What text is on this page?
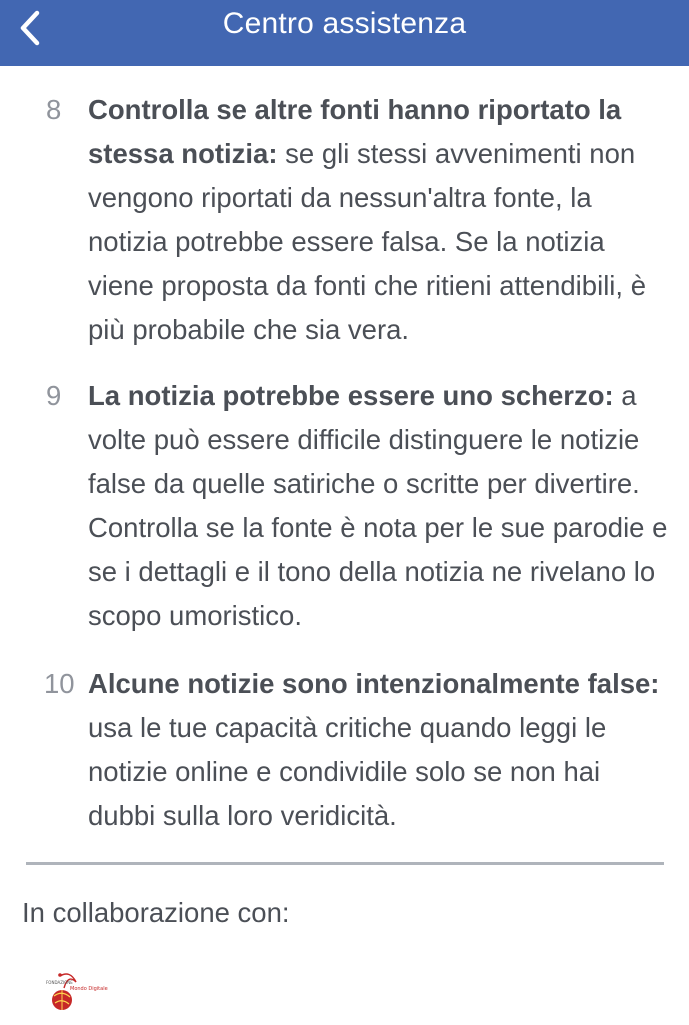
Centro assistenza
8 Controlla se altre fonti hanno riportato la stessa notizia: se gli stessi avvenimenti non vengono riportati da nessun'altra fonte, la notizia potrebbe essere falsa. Se la notizia viene proposta da fonti che ritieni attendibili, è più probabile che sia vera.
9 La notizia potrebbe essere uno scherzo: a volte può essere difficile distinguere le notizie false da quelle satiriche o scritte per divertire. Controlla se la fonte è nota per le sue parodie e se i dettagli e il tono della notizia ne rivelano lo scopo umoristico.
10 Alcune notizie sono intenzionalmente false: usa le tue capacità critiche quando leggi le notizie online e condividile solo se non hai dubbi sulla loro veridicità.
In collaborazione con:
FONDAZIONE
Mondo Digitale
